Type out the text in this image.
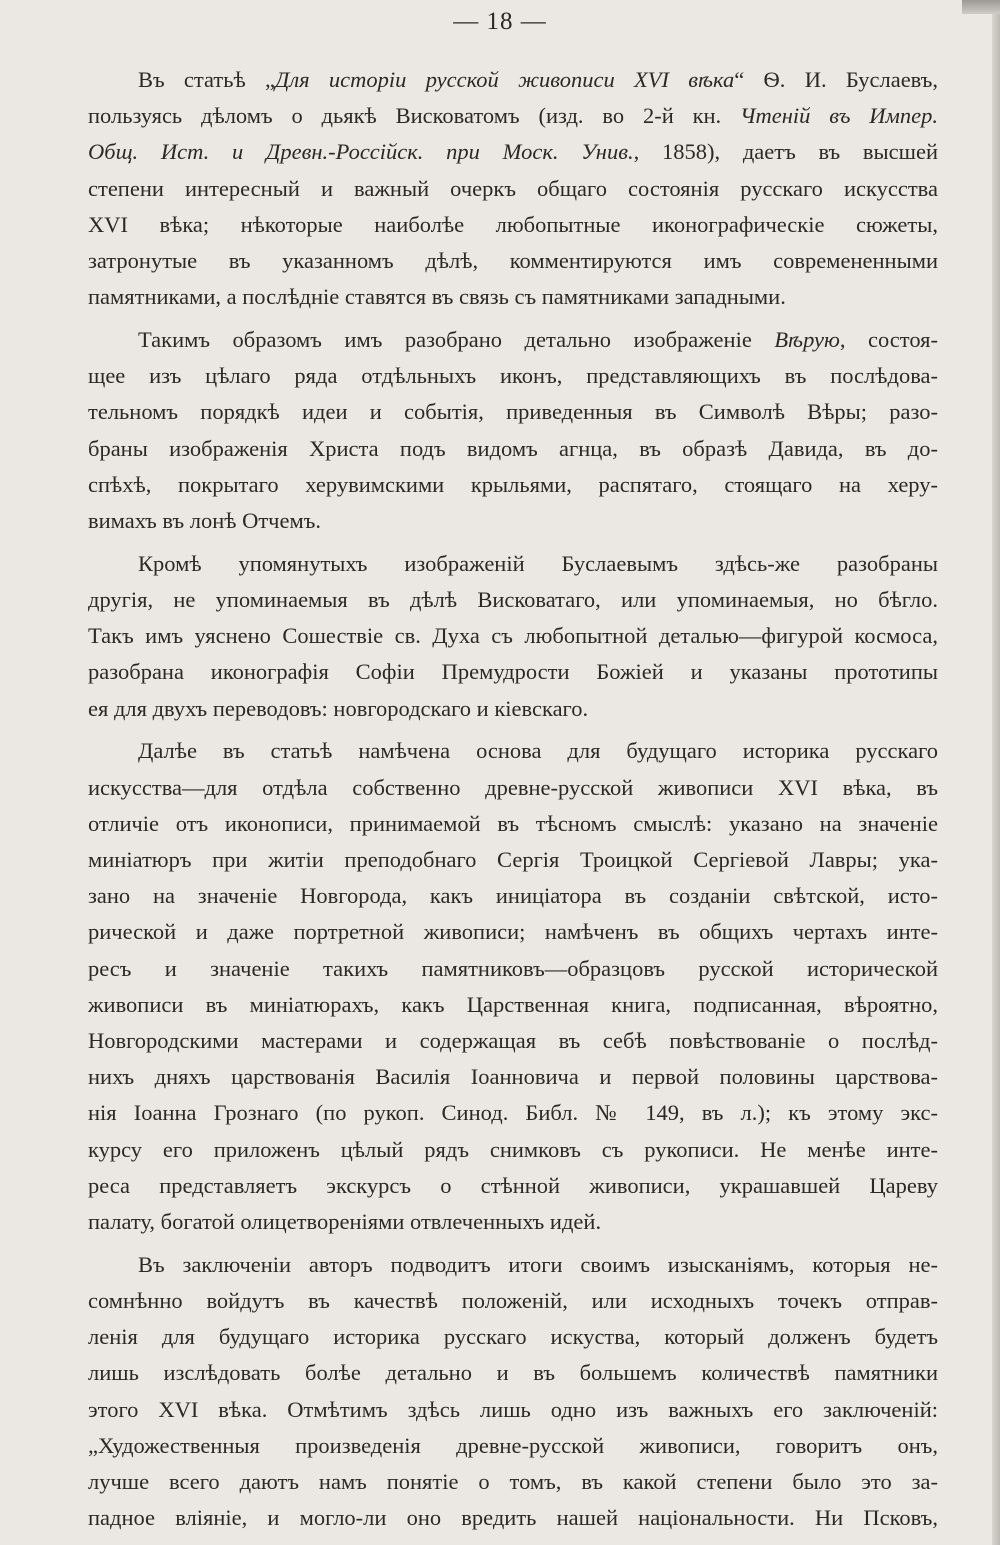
— 18 —
Въ статьѣ „Для исторіи русской живописи XVI вѣка“ Ѳ. И. Буслаевъ,
пользуясь дѣломъ о дьякѣ Висковатомъ (изд. во 2-й кн. Чтеній въ Импер.
Общ. Ист. и Древн.-Россійск. при Моск. Унив., 1858), даетъ въ высшей
степени интересный и важный очеркъ общаго состоянія русскаго искусства
XVI вѣка; нѣкоторые наиболѣе любопытные иконографическіе сюжеты,
затронутые въ указанномъ дѣлѣ, комментируются имъ современенными
памятниками, а послѣдніе ставятся въ связь съ памятниками западными.
Такимъ образомъ имъ разобрано детально изображеніе Вѣрую, состоя-
щее изъ цѣлаго ряда отдѣльныхъ иконъ, представляющихъ въ послѣдова-
тельномъ порядкѣ идеи и событія, приведенныя въ Символѣ Вѣры; разо-
браны изображенія Христа подъ видомъ агнца, въ образѣ Давида, въ до-
спѣхѣ, покрытаго херувимскими крыльями, распятаго, стоящаго на херу-
вимахъ въ лонѣ Отчемъ.
Кромѣ упомянутыхъ изображеній Буслаевымъ здѣсь-же разобраны
другія, не упоминаемыя въ дѣлѣ Висковатаго, или упоминаемыя, но бѣгло.
Такъ имъ уяснено Сошествіе св. Духа съ любопытной деталью—фигурой космоса,
разобрана иконографія Софіи Премудрости Божіей и указаны прототипы
ея для двухъ переводовъ: новгородскаго и кіевскаго.
Далѣе въ статьѣ намѣчена основа для будущаго историка русскаго
искусства—для отдѣла собственно древне-русской живописи XVI вѣка, въ
отличіе отъ иконописи, принимаемой въ тѣсномъ смыслѣ: указано на значеніе
миніатюръ при житіи преподобнаго Сергія Троицкой Сергіевой Лавры; ука-
зано на значеніе Новгорода, какъ иниціатора въ созданіи свѣтской, исто-
рической и даже портретной живописи; намѣченъ въ общихъ чертахъ инте-
ресъ и значеніе такихъ памятниковъ—образцовъ русской исторической
живописи въ миніатюрахъ, какъ Царственная книга, подписанная, вѣроятно,
Новгородскими мастерами и содержащая въ себѣ повѣствованіе о послѣд-
нихъ дняхъ царствованія Василія Іоанновича и первой половины царствова-
нія Іоанна Грознаго (по рукоп. Синод. Библ. № 149, въ л.); къ этому экс-
курсу его приложенъ цѣлый рядъ снимковъ съ рукописи. Не менѣе инте-
реса представляетъ экскурсъ о стѣнной живописи, украшавшей Цареву
палату, богатой олицетвореніями отвлеченныхъ идей.
Въ заключеніи авторъ подводитъ итоги своимъ изысканіямъ, которыя не-
сомнѣнно войдутъ въ качествѣ положеній, или исходныхъ точекъ отправ-
ленія для будущаго историка русскаго искуства, который долженъ будетъ
лишь изслѣдовать болѣе детально и въ большемъ количествѣ памятники
этого XVI вѣка. Отмѣтимъ здѣсь лишь одно изъ важныхъ его заключеній:
„Художественныя произведенія древне-русской живописи, говоритъ онъ,
лучше всего даютъ намъ понятіе о томъ, въ какой степени было это за-
падное вліяніе, и могло-ли оно вредить нашей національности. Ни Псковъ,
